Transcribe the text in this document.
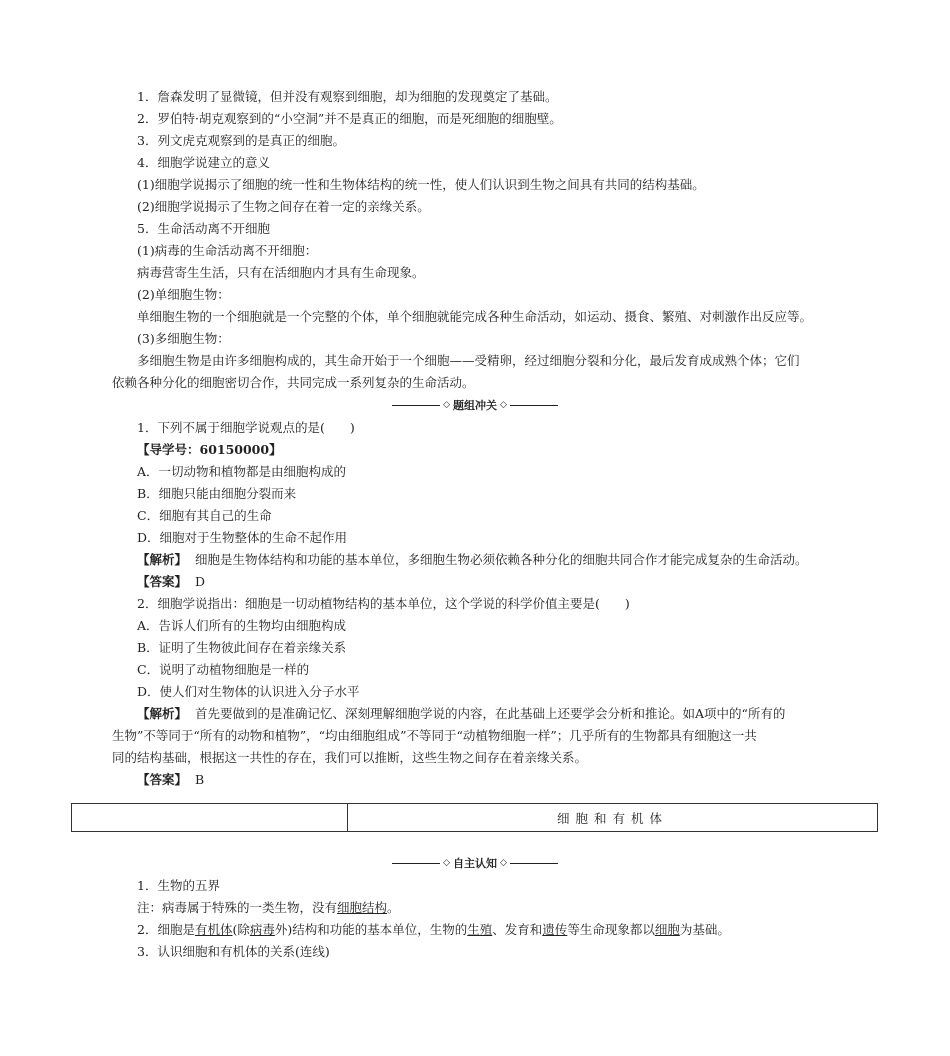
1．詹森发明了显微镜，但并没有观察到细胞，却为细胞的发现奠定了基础。
2．罗伯特·胡克观察到的“小空洞”并不是真正的细胞，而是死细胞的细胞壁。
3．列文虎克观察到的是真正的细胞。
4．细胞学说建立的意义
(1)细胞学说揭示了细胞的统一性和生物体结构的统一性，使人们认识到生物之间具有共同的结构基础。
(2)细胞学说揭示了生物之间存在着一定的亲缘关系。
5．生命活动离不开细胞
(1)病毒的生命活动离不开细胞：
病毒营寄生生活，只有在活细胞内才具有生命现象。
(2)单细胞生物：
单细胞生物的一个细胞就是一个完整的个体，单个细胞就能完成各种生命活动，如运动、摄食、繁殖、对刺激作出反应等。
(3)多细胞生物：
多细胞生物是由许多细胞构成的，其生命开始于一个细胞——受精卵，经过细胞分裂和分化，最后发育成成熟个体；它们
依赖各种分化的细胞密切合作，共同完成一系列复杂的生命活动。
◇ 题组冲关 ◇
1．下列不属于细胞学说观点的是(　　)
【导学号：60150000】
A．一切动物和植物都是由细胞构成的
B．细胞只能由细胞分裂而来
C．细胞有其自己的生命
D．细胞对于生物整体的生命不起作用
【解析】 细胞是生物体结构和功能的基本单位，多细胞生物必须依赖各种分化的细胞共同合作才能完成复杂的生命活动。
【答案】 D
2．细胞学说指出：细胞是一切动植物结构的基本单位，这个学说的科学价值主要是(　　)
A．告诉人们所有的生物均由细胞构成
B．证明了生物彼此间存在着亲缘关系
C．说明了动植物细胞是一样的
D．使人们对生物体的认识进入分子水平
【解析】 首先要做到的是准确记忆、深刻理解细胞学说的内容，在此基础上还要学会分析和推论。如A项中的“所有的
生物”不等同于“所有的动物和植物”，“均由细胞组成”不等同于“动植物细胞一样”；几乎所有的生物都具有细胞这一共
同的结构基础，根据这一共性的存在，我们可以推断，这些生物之间存在着亲缘关系。
【答案】 B
细胞和有机体
◇ 自主认知 ◇
1．生物的五界
注：病毒属于特殊的一类生物，没有细胞结构。
2．细胞是有机体(除病毒外)结构和功能的基本单位，生物的生殖、发育和遗传等生命现象都以细胞为基础。
3．认识细胞和有机体的关系(连线)
